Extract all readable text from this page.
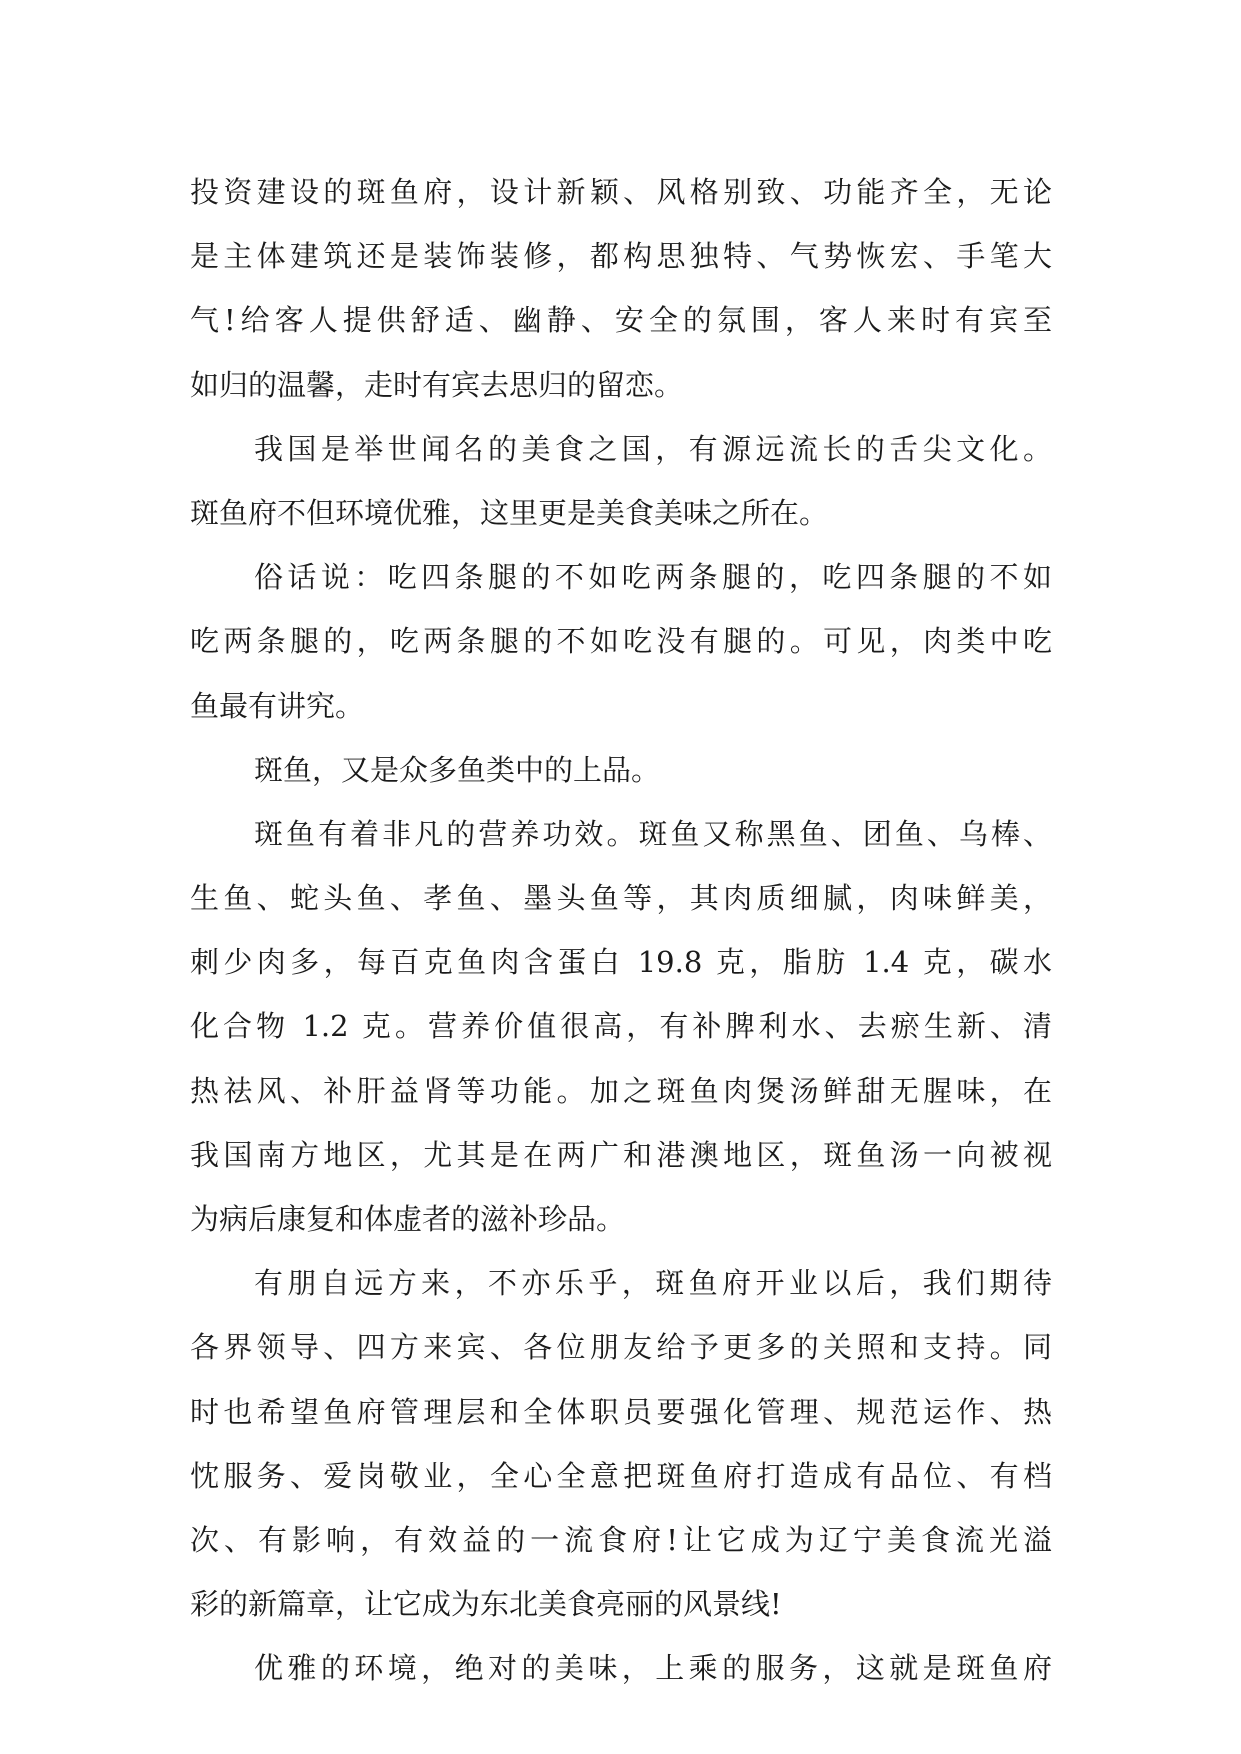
投资建设的斑鱼府，设计新颖、风格别致、功能齐全，无论
是主体建筑还是装饰装修，都构思独特、气势恢宏、手笔大
气!给客人提供舒适、幽静、安全的氛围，客人来时有宾至
如归的温馨，走时有宾去思归的留恋。
我国是举世闻名的美食之国，有源远流长的舌尖文化。
斑鱼府不但环境优雅，这里更是美食美味之所在。
俗话说：吃四条腿的不如吃两条腿的，吃四条腿的不如
吃两条腿的，吃两条腿的不如吃没有腿的。可见，肉类中吃
鱼最有讲究。
斑鱼，又是众多鱼类中的上品。
斑鱼有着非凡的营养功效。斑鱼又称黑鱼、团鱼、乌棒、
生鱼、蛇头鱼、孝鱼、墨头鱼等，其肉质细腻，肉味鲜美，
刺少肉多，每百克鱼肉含蛋白 19.8 克，脂肪 1.4 克，碳水
化合物 1.2 克。营养价值很高，有补脾利水、去瘀生新、清
热祛风、补肝益肾等功能。加之斑鱼肉煲汤鲜甜无腥味，在
我国南方地区，尤其是在两广和港澳地区，斑鱼汤一向被视
为病后康复和体虚者的滋补珍品。
有朋自远方来，不亦乐乎，斑鱼府开业以后，我们期待
各界领导、四方来宾、各位朋友给予更多的关照和支持。同
时也希望鱼府管理层和全体职员要强化管理、规范运作、热
忱服务、爱岗敬业，全心全意把斑鱼府打造成有品位、有档
次、有影响，有效益的一流食府!让它成为辽宁美食流光溢
彩的新篇章，让它成为东北美食亮丽的风景线!
优雅的环境，绝对的美味，上乘的服务，这就是斑鱼府
